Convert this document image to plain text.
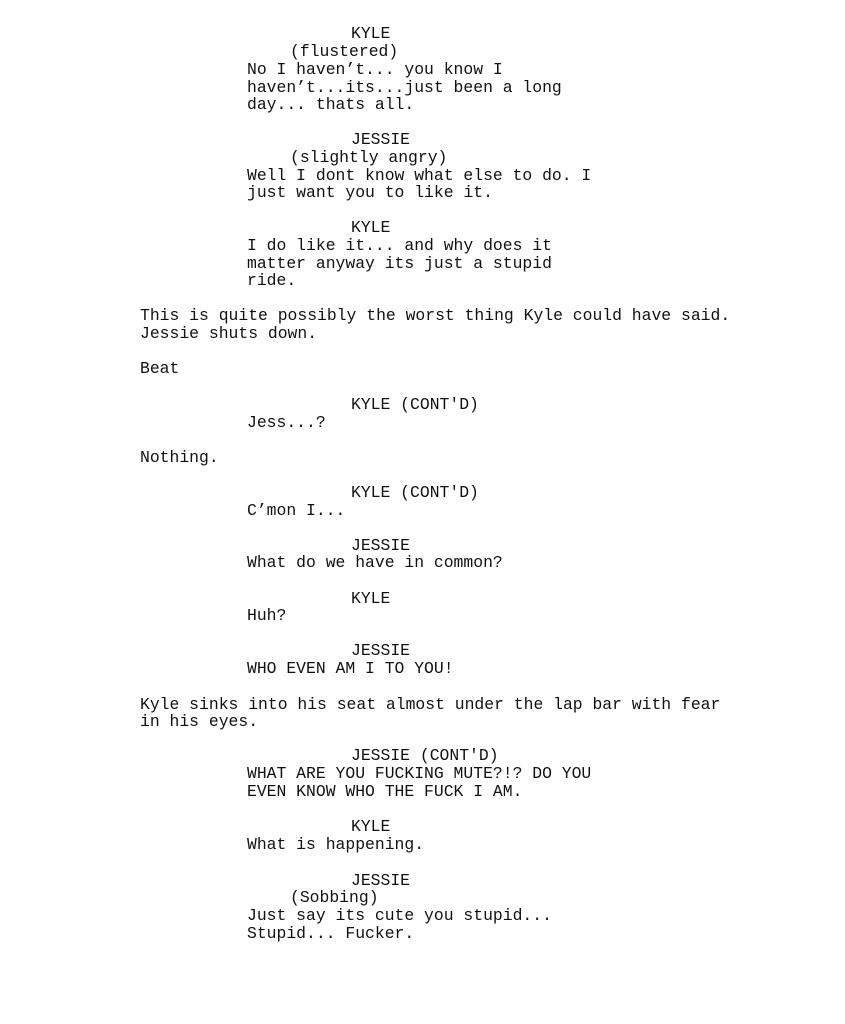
KYLE
(flustered)
No I haven’t... you know I
haven’t...its...just been a long
day... thats all.
JESSIE
(slightly angry)
Well I dont know what else to do. I
just want you to like it.
KYLE
I do like it... and why does it
matter anyway its just a stupid
ride.
This is quite possibly the worst thing Kyle could have said.
Jessie shuts down.
Beat
KYLE (CONT'D)
Jess...?
Nothing.
KYLE (CONT'D)
C’mon I...
JESSIE
What do we have in common?
KYLE
Huh?
JESSIE
WHO EVEN AM I TO YOU!
Kyle sinks into his seat almost under the lap bar with fear
in his eyes.
JESSIE (CONT'D)
WHAT ARE YOU FUCKING MUTE?!? DO YOU
EVEN KNOW WHO THE FUCK I AM.
KYLE
What is happening.
JESSIE
(Sobbing)
Just say its cute you stupid...
Stupid... Fucker.
